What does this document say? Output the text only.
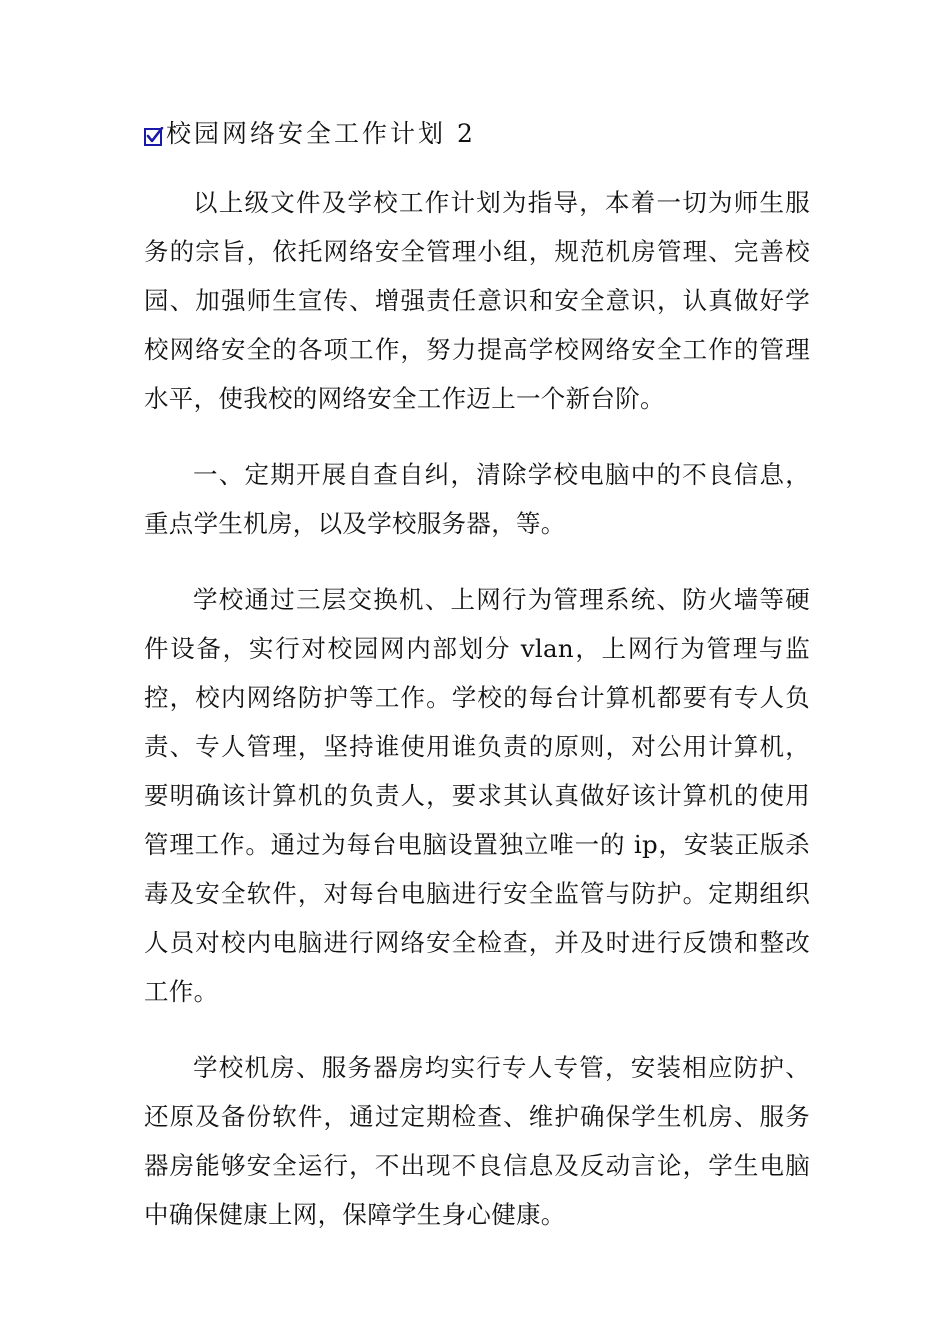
校园网络安全工作计划 2

以上级文件及学校工作计划为指导，本着一切为师生服务的宗旨，依托网络安全管理小组，规范机房管理、完善校园、加强师生宣传、增强责任意识和安全意识，认真做好学校网络安全的各项工作，努力提高学校网络安全工作的管理水平，使我校的网络安全工作迈上一个新台阶。

一、定期开展自查自纠，清除学校电脑中的不良信息，重点学生机房，以及学校服务器，等。

学校通过三层交换机、上网行为管理系统、防火墙等硬件设备，实行对校园网内部划分 vlan，上网行为管理与监控，校内网络防护等工作。学校的每台计算机都要有专人负责、专人管理，坚持谁使用谁负责的原则，对公用计算机，要明确该计算机的负责人，要求其认真做好该计算机的使用管理工作。通过为每台电脑设置独立唯一的 ip，安装正版杀毒及安全软件，对每台电脑进行安全监管与防护。定期组织人员对校内电脑进行网络安全检查，并及时进行反馈和整改工作。

学校机房、服务器房均实行专人专管，安装相应防护、还原及备份软件，通过定期检查、维护确保学生机房、服务器房能够安全运行，不出现不良信息及反动言论，学生电脑中确保健康上网，保障学生身心健康。
